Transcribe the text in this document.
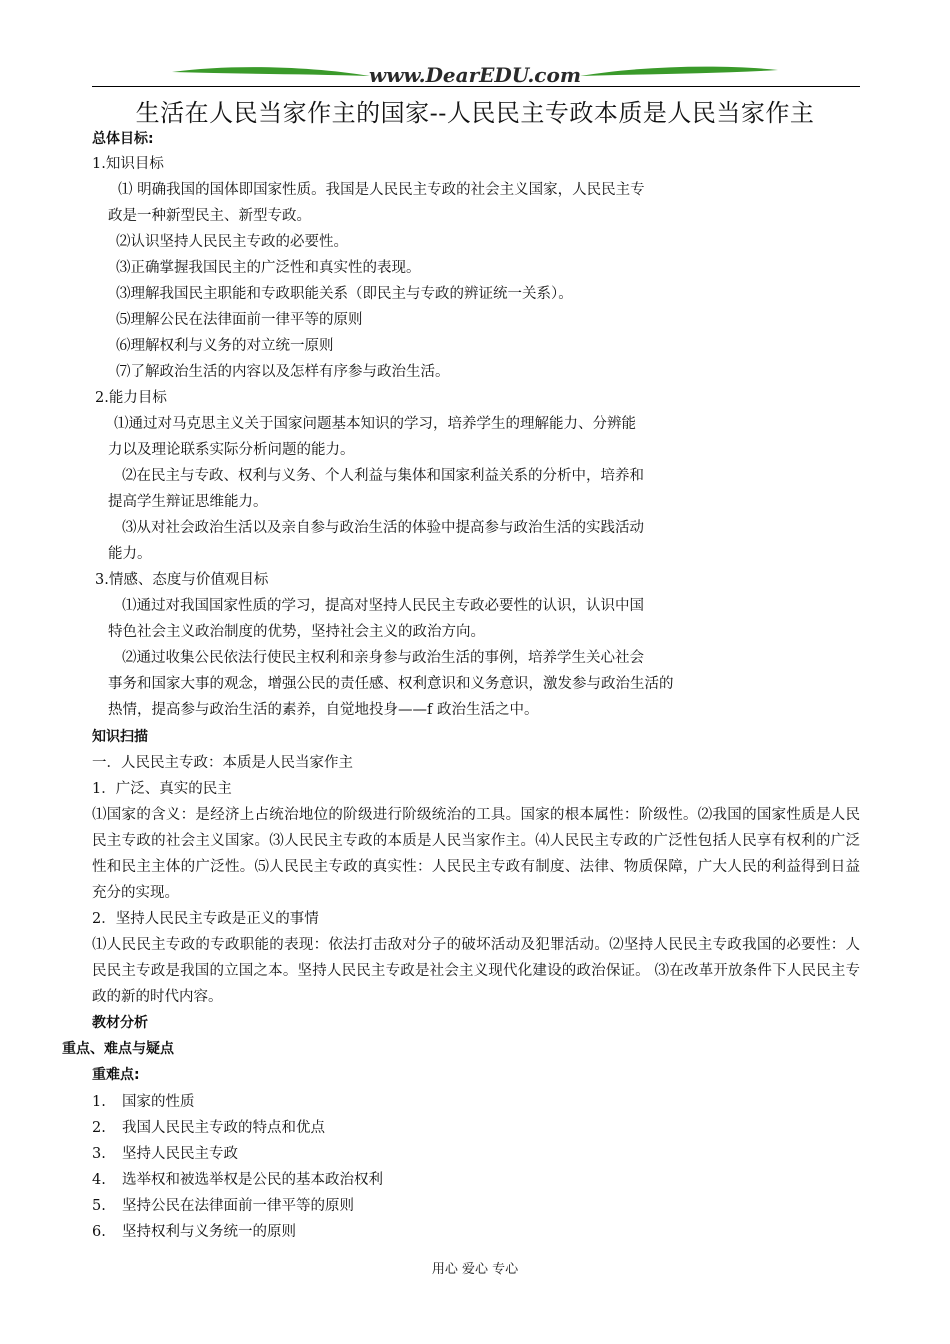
www.DearEDU.com
生活在人民当家作主的国家--人民民主专政本质是人民当家作主
总体目标:
1.知识目标
⑴ 明确我国的国体即国家性质。我国是人民民主专政的社会主义国家，人民民主专
政是一种新型民主、新型专政。
⑵认识坚持人民民主专政的必要性。
⑶正确掌握我国民主的广泛性和真实性的表现。
⑶理解我国民主职能和专政职能关系（即民主与专政的辨证统一关系）。
⑸理解公民在法律面前一律平等的原则
⑹理解权利与义务的对立统一原则
⑺了解政治生活的内容以及怎样有序参与政治生活。
2.能力目标
⑴通过对马克思主义关于国家问题基本知识的学习，培养学生的理解能力、分辨能
力以及理论联系实际分析问题的能力。
⑵在民主与专政、权利与义务、个人利益与集体和国家利益关系的分析中，培养和
提高学生辩证思维能力。
⑶从对社会政治生活以及亲自参与政治生活的体验中提高参与政治生活的实践活动
能力。
3.情感、态度与价值观目标
⑴通过对我国国家性质的学习，提高对坚持人民民主专政必要性的认识，认识中国
特色社会主义政治制度的优势，坚持社会主义的政治方向。
⑵通过收集公民依法行使民主权利和亲身参与政治生活的事例，培养学生关心社会
事务和国家大事的观念，增强公民的责任感、权利意识和义务意识，激发参与政治生活的
热情，提高参与政治生活的素养，自觉地投身——f 政治生活之中。
知识扫描
一．人民民主专政：本质是人民当家作主
1．广泛、真实的民主
⑴国家的含义：是经济上占统治地位的阶级进行阶级统治的工具。国家的根本属性：阶级性。⑵我国的国家性质是人民民主专政的社会主义国家。⑶人民民主专政的本质是人民当家作主。⑷人民民主专政的广泛性包括人民享有权利的广泛性和民主主体的广泛性。⑸人民民主专政的真实性：人民民主专政有制度、法律、物质保障，广大人民的利益得到日益充分的实现。
2．坚持人民民主专政是正义的事情
⑴人民民主专政的专政职能的表现：依法打击敌对分子的破坏活动及犯罪活动。⑵坚持人民民主专政我国的必要性：人民民主专政是我国的立国之本。坚持人民民主专政是社会主义现代化建设的政治保证。 ⑶在改革开放条件下人民民主专政的新的时代内容。
教材分析
重点、难点与疑点
重难点:
1. 国家的性质
2. 我国人民民主专政的特点和优点
3. 坚持人民民主专政
4. 选举权和被选举权是公民的基本政治权利
5. 坚持公民在法律面前一律平等的原则
6. 坚持权利与义务统一的原则
用心 爱心 专心
